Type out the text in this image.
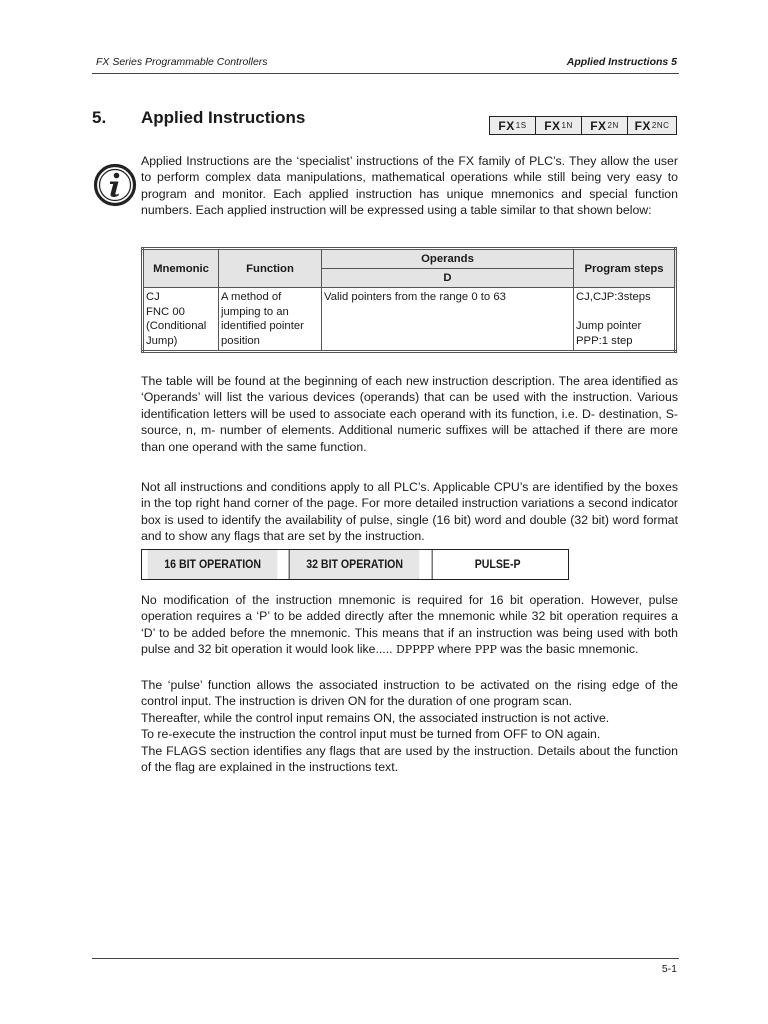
FX Series Programmable Controllers	Applied Instructions 5
5. Applied Instructions	FX 1S FX 1N FX 2N FX 2NC

Applied Instructions are the ‘specialist’ instructions of the FX family of PLC’s. They allow the user to perform complex data manipulations, mathematical operations while still being very easy to program and monitor. Each applied instruction has unique mnemonics and special function numbers. Each applied instruction will be expressed using a table similar to that shown below:

Mnemonic	Function	Operands	Program steps
		D	

CJ
FNC 00
(Conditional
Jump)	A method of
jumping to an
identified pointer
position	Valid pointers from the range 0 to 63	CJ,CJP:3steps
Jump pointer
PPP:1 step

The table will be found at the beginning of each new instruction description. The area identified as ‘Operands’ will list the various devices (operands) that can be used with the instruction. Various identification letters will be used to associate each operand with its function, i.e. D- destination, S- source, n, m- number of elements. Additional numeric suffixes will be attached if there are more than one operand with the same function.

Not all instructions and conditions apply to all PLC’s. Applicable CPU’s are identified by the boxes in the top right hand corner of the page. For more detailed instruction variations a second indicator box is used to identify the availability of pulse, single (16 bit) word and double (32 bit) word format and to show any flags that are set by the instruction.

16 BIT OPERATION	32 BIT OPERATION	PULSE-P

No modification of the instruction mnemonic is required for 16 bit operation. However, pulse operation requires a ‘P’ to be added directly after the mnemonic while 32 bit operation requires a ‘D’ to be added before the mnemonic. This means that if an instruction was being used with both pulse and 32 bit operation it would look like..... DPPPP where PPP was the basic mnemonic.

The ‘pulse’ function allows the associated instruction to be activated on the rising edge of the control input. The instruction is driven ON for the duration of one program scan.

Thereafter, while the control input remains ON, the associated instruction is not active.

To re-execute the instruction the control input must be turned from OFF to ON again.

The FLAGS section identifies any flags that are used by the instruction. Details about the function of the flag are explained in the instructions text.

5-1
